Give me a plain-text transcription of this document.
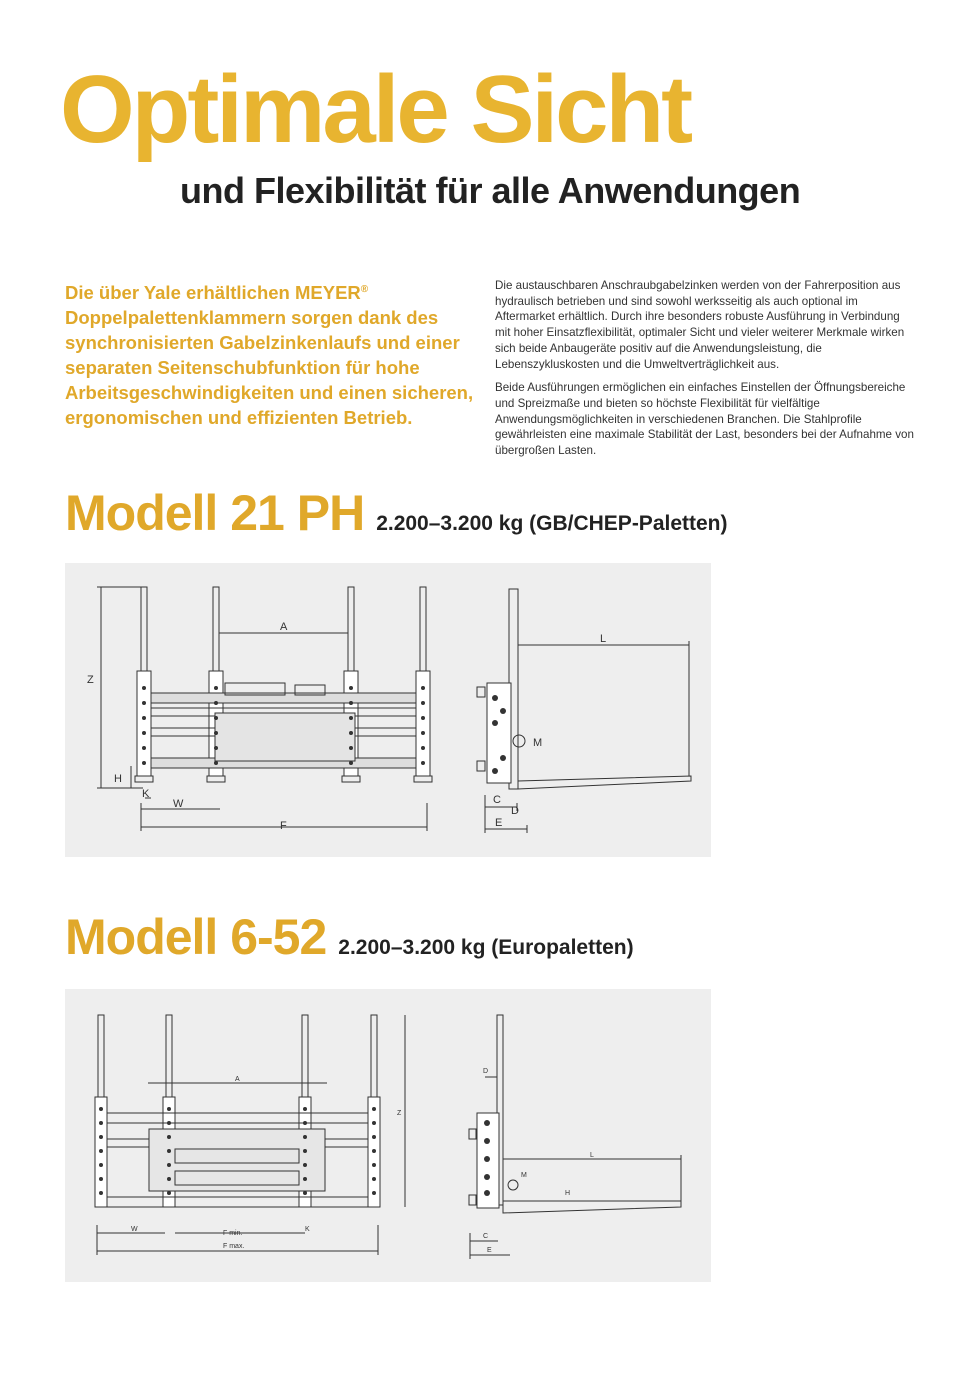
Optimale Sicht
und Flexibilität für alle Anwendungen

Die über Yale erhältlichen MEYER® Doppelpalettenklammern sorgen dank des synchronisierten Gabelzinkenlaufs und einer separaten Seitenschubfunktion für hohe Arbeitsgeschwindigkeiten und einen sicheren, ergonomischen und effizienten Betrieb.

Die austauschbaren Anschraubgabelzinken werden von der Fahrerposition aus hydraulisch betrieben und sind sowohl werksseitig als auch optional im Aftermarket erhältlich. Durch ihre besonders robuste Ausführung in Verbindung mit hoher Einsatzflexibilität, optimaler Sicht und vieler weiterer Merkmale wirken sich beide Anbaugeräte positiv auf die Anwendungsleistung, die Lebenszykluskosten und die Umweltverträglichkeit aus.

Beide Ausführungen ermöglichen ein einfaches Einstellen der Öffnungsbereiche und Spreizmaße und bieten so höchste Flexibilität für vielfältige Anwendungsmöglichkeiten in verschiedenen Branchen. Die Stahlprofile gewährleisten eine maximale Stabilität der Last, besonders bei der Aufnahme von übergroßen Lasten.

Modell 21 PH 2.200–3.200 kg (GB/CHEP-Paletten)
A
Z
H
K
W
F
L
M
C
D
E
Modell 6-52 2.200–3.200 kg (Europaletten)
A
Z
W	K
F min.
F max.
D
L
M
H
C
E
